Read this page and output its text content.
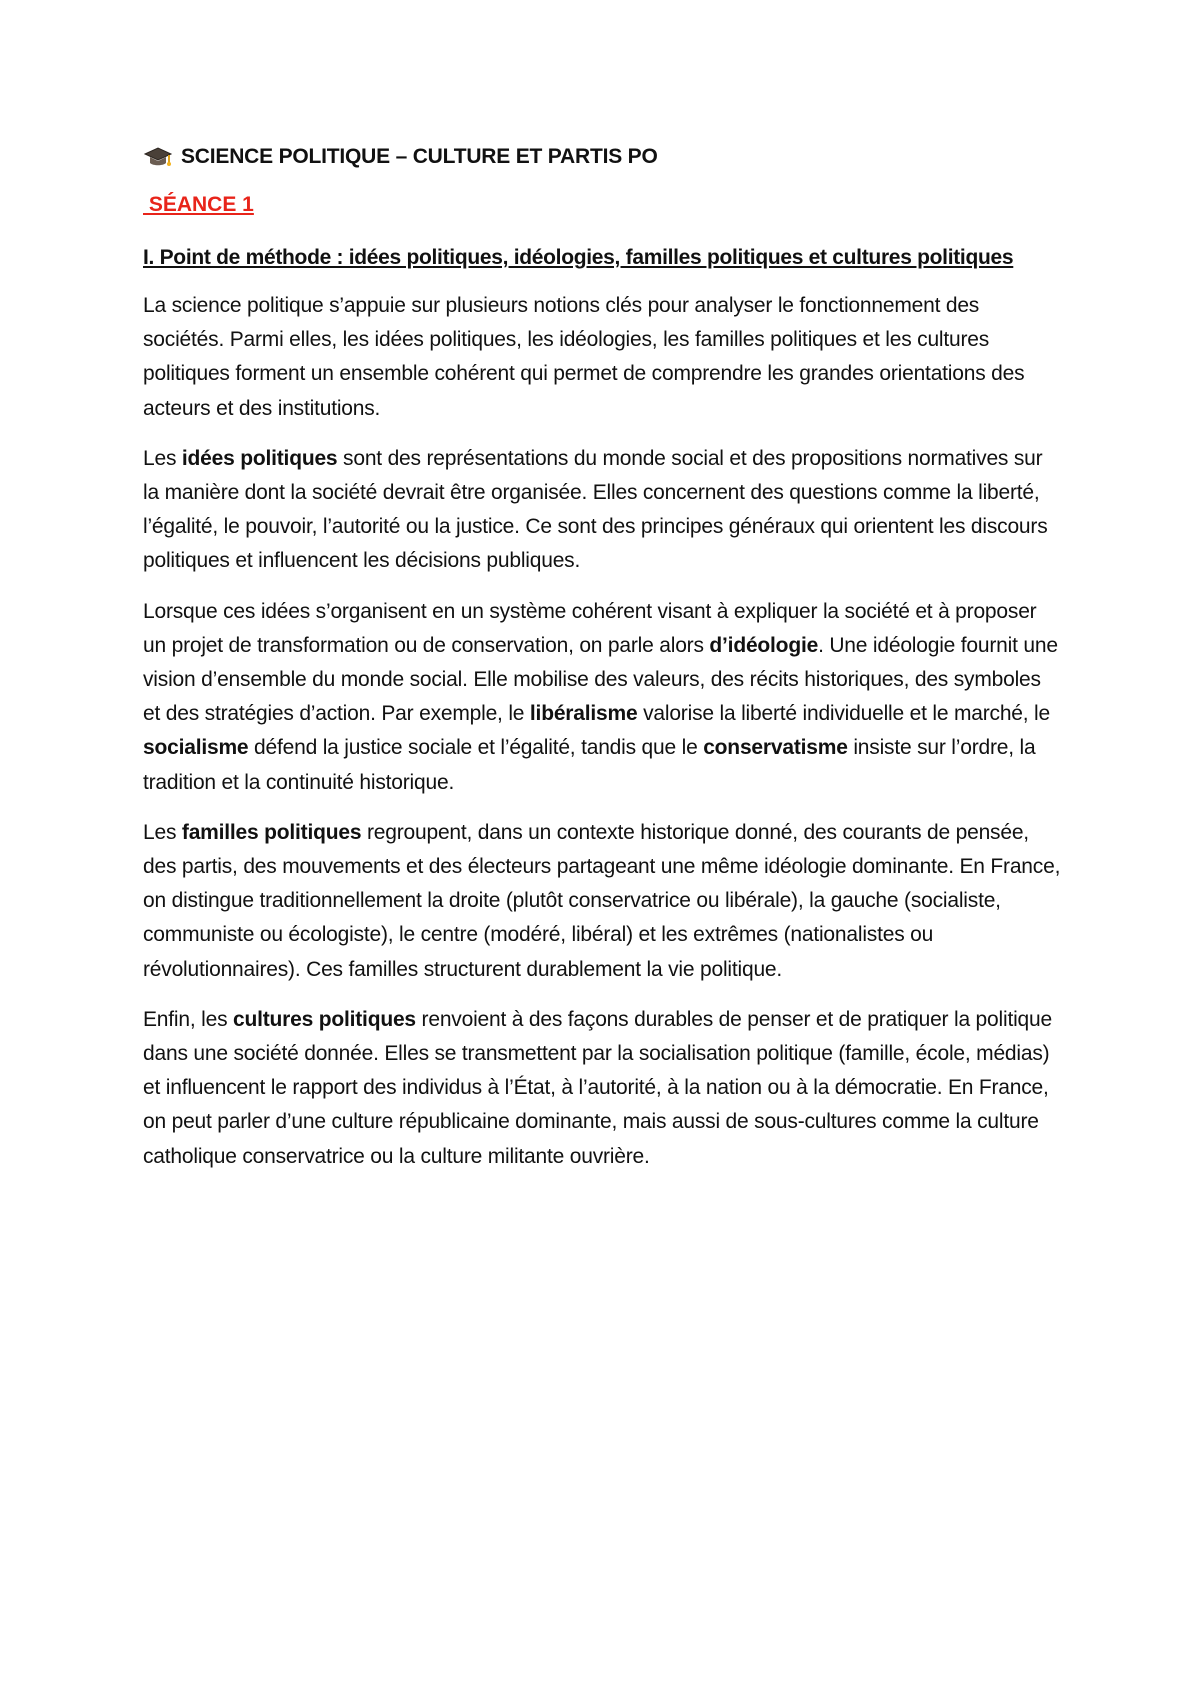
SCIENCE POLITIQUE – CULTURE ET PARTIS PO
SÉANCE 1
I. Point de méthode : idées politiques, idéologies, familles politiques et cultures politiques

La science politique s’appuie sur plusieurs notions clés pour analyser le fonctionnement des sociétés. Parmi elles, les idées politiques, les idéologies, les familles politiques et les cultures politiques forment un ensemble cohérent qui permet de comprendre les grandes orientations des acteurs et des institutions.

Les idées politiques sont des représentations du monde social et des propositions normatives sur la manière dont la société devrait être organisée. Elles concernent des questions comme la liberté, l’égalité, le pouvoir, l’autorité ou la justice. Ce sont des principes généraux qui orientent les discours politiques et influencent les décisions publiques.

Lorsque ces idées s’organisent en un système cohérent visant à expliquer la société et à proposer un projet de transformation ou de conservation, on parle alors d’idéologie. Une idéologie fournit une vision d’ensemble du monde social. Elle mobilise des valeurs, des récits historiques, des symboles et des stratégies d’action. Par exemple, le libéralisme valorise la liberté individuelle et le marché, le socialisme défend la justice sociale et l’égalité, tandis que le conservatisme insiste sur l’ordre, la tradition et la continuité historique.

Les familles politiques regroupent, dans un contexte historique donné, des courants de pensée, des partis, des mouvements et des électeurs partageant une même idéologie dominante. En France, on distingue traditionnellement la droite (plutôt conservatrice ou libérale), la gauche (socialiste, communiste ou écologiste), le centre (modéré, libéral) et les extrêmes (nationalistes ou révolutionnaires). Ces familles structurent durablement la vie politique.

Enfin, les cultures politiques renvoient à des façons durables de penser et de pratiquer la politique dans une société donnée. Elles se transmettent par la socialisation politique (famille, école, médias) et influencent le rapport des individus à l’État, à l’autorité, à la nation ou à la démocratie. En France, on peut parler d’une culture républicaine dominante, mais aussi de sous-cultures comme la culture catholique conservatrice ou la culture militante ouvrière.
